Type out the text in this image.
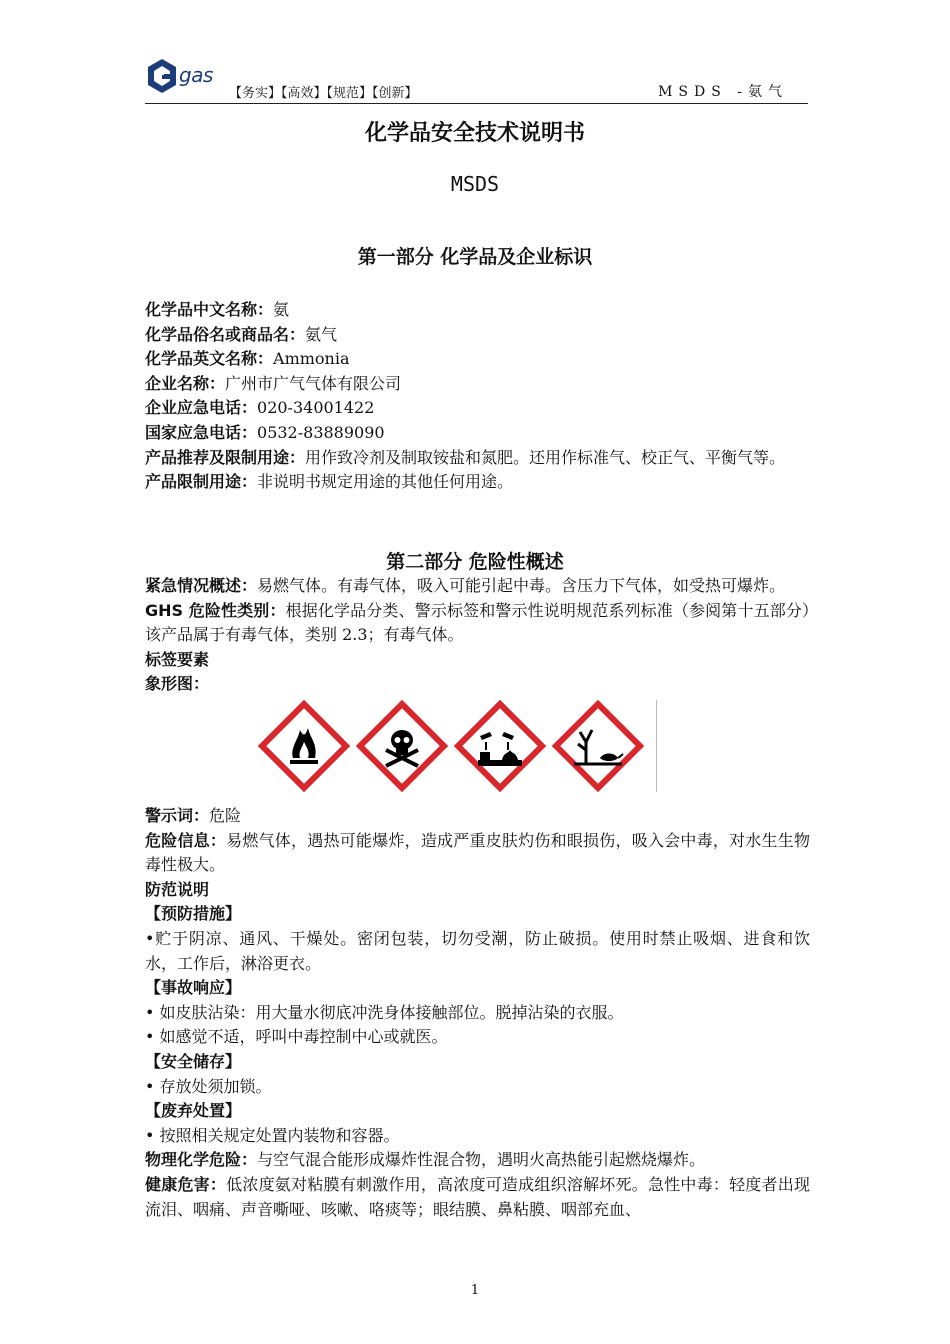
gas
【务实】【高效】【规范】【创新】	MSDS -氨气
化学品安全技术说明书
MSDS
第一部分 化学品及企业标识
化学品中文名称：氨
化学品俗名或商品名：氨气
化学品英文名称：Ammonia
企业名称：广州市广气气体有限公司
企业应急电话：020-34001422
国家应急电话：0532-83889090
产品推荐及限制用途：用作致冷剂及制取铵盐和氮肥。还用作标准气、校正气、平衡气等。
产品限制用途：非说明书规定用途的其他任何用途。
第二部分 危险性概述
紧急情况概述：易燃气体。有毒气体，吸入可能引起中毒。含压力下气体，如受热可爆炸。
GHS 危险性类别：根据化学品分类、警示标签和警示性说明规范系列标准（参阅第十五部分）该产品属于有毒气体，类别 2.3；有毒气体。
标签要素
象形图：
警示词：危险
危险信息：易燃气体，遇热可能爆炸，造成严重皮肤灼伤和眼损伤，吸入会中毒，对水生生物毒性极大。
防范说明
【预防措施】
•贮于阴凉、通风、干燥处。密闭包装，切勿受潮，防止破损。使用时禁止吸烟、进食和饮水，工作后，淋浴更衣。
【事故响应】
• 如皮肤沾染：用大量水彻底冲洗身体接触部位。脱掉沾染的衣服。
• 如感觉不适，呼叫中毒控制中心或就医。
【安全储存】
• 存放处须加锁。
【废弃处置】
• 按照相关规定处置内装物和容器。
物理化学危险：与空气混合能形成爆炸性混合物，遇明火高热能引起燃烧爆炸。
健康危害：低浓度氨对粘膜有刺激作用，高浓度可造成组织溶解坏死。急性中毒：轻度者出现流泪、咽痛、声音嘶哑、咳嗽、咯痰等；眼结膜、鼻粘膜、咽部充血、
1
